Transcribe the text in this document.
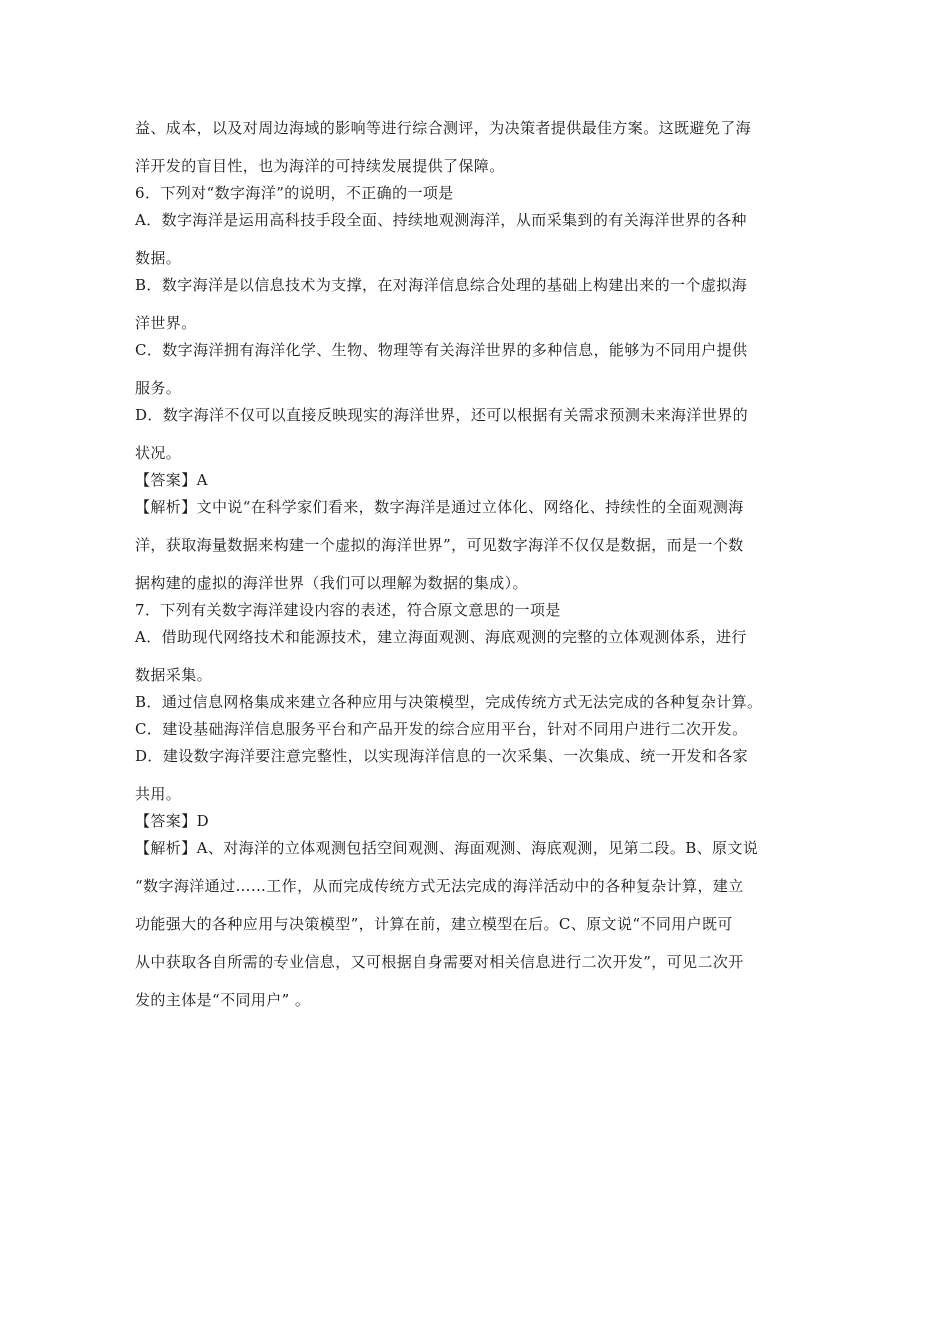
益、成本，以及对周边海域的影响等进行综合测评，为决策者提供最佳方案。这既避免了海
洋开发的盲目性，也为海洋的可持续发展提供了保障。
6．下列对“数字海洋”的说明，不正确的一项是
A．数字海洋是运用高科技手段全面、持续地观测海洋，从而采集到的有关海洋世界的各种
数据。
B．数字海洋是以信息技术为支撑，在对海洋信息综合处理的基础上构建出来的一个虚拟海
洋世界。
C．数字海洋拥有海洋化学、生物、物理等有关海洋世界的多种信息，能够为不同用户提供
服务。
D．数字海洋不仅可以直接反映现实的海洋世界，还可以根据有关需求预测未来海洋世界的
状况。
【答案】A
【解析】文中说“在科学家们看来，数字海洋是通过立体化、网络化、持续性的全面观测海
洋，获取海量数据来构建一个虚拟的海洋世界”，可见数字海洋不仅仅是数据，而是一个数
据构建的虚拟的海洋世界（我们可以理解为数据的集成）。
7．下列有关数字海洋建设内容的表述，符合原文意思的一项是
A．借助现代网络技术和能源技术，建立海面观测、海底观测的完整的立体观测体系，进行
数据采集。
B．通过信息网格集成来建立各种应用与决策模型，完成传统方式无法完成的各种复杂计算。
C．建设基础海洋信息服务平台和产品开发的综合应用平台，针对不同用户进行二次开发。
D．建设数字海洋要注意完整性，以实现海洋信息的一次采集、一次集成、统一开发和各家
共用。
【答案】D
【解析】A、对海洋的立体观测包括空间观测、海面观测、海底观测，见第二段。B、原文说
“数字海洋通过……工作，从而完成传统方式无法完成的海洋活动中的各种复杂计算，建立
功能强大的各种应用与决策模型”，计算在前，建立模型在后。C、原文说“不同用户既可
从中获取各自所需的专业信息，又可根据自身需要对相关信息进行二次开发”，可见二次开
发的主体是“不同用户” 。
